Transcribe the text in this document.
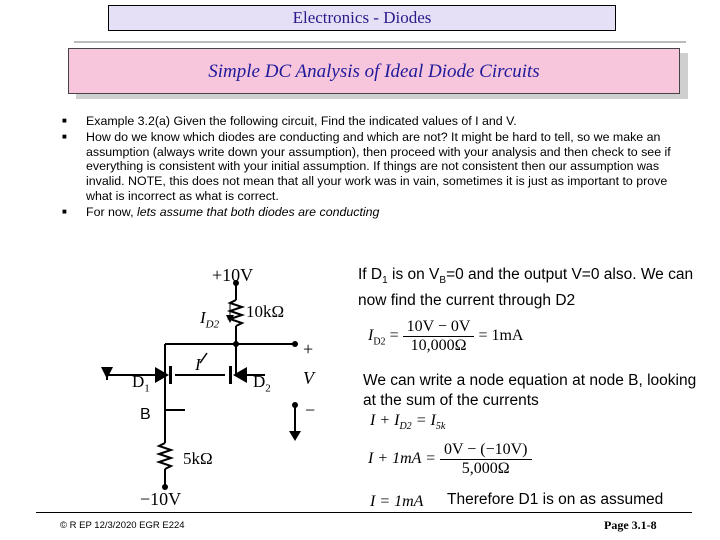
Electronics - Diodes
Simple DC Analysis of Ideal Diode Circuits
■ Example 3.2(a) Given the following circuit, Find the indicated values of I and V.
■ How do we know which diodes are conducting and which are not? It might be hard to tell, so we make an assumption (always write down your assumption), then proceed with your analysis and then check to see if everything is consistent with your initial assumption. If things are not consistent then our assumption was invalid. NOTE, this does not mean that all your work was in vain, sometimes it is just as important to prove what is incorrect as what is correct.
■ For now, lets assume that both diodes are conducting
+10V
10kΩ
$I_{D2}$
I
$D_1$	$D_2$
+
V
−
B
5kΩ
−10V
If $D_1$ is on $V_B=0$ and the output V=0 also. We can now find the current through D2
$I_{D2} = \frac{10V - 0V}{10,000\Omega} = 1mA$
We can write a node equation at node B, looking at the sum of the currents
$I + I_{D2} = I_{5k}$
$I + 1mA = \frac{0V - (-10V)}{5,000\Omega}$
I = 1mA Therefore D1 is on as assumed
© R EP 12/3/2020 EGR E224	Page 3.1-8
